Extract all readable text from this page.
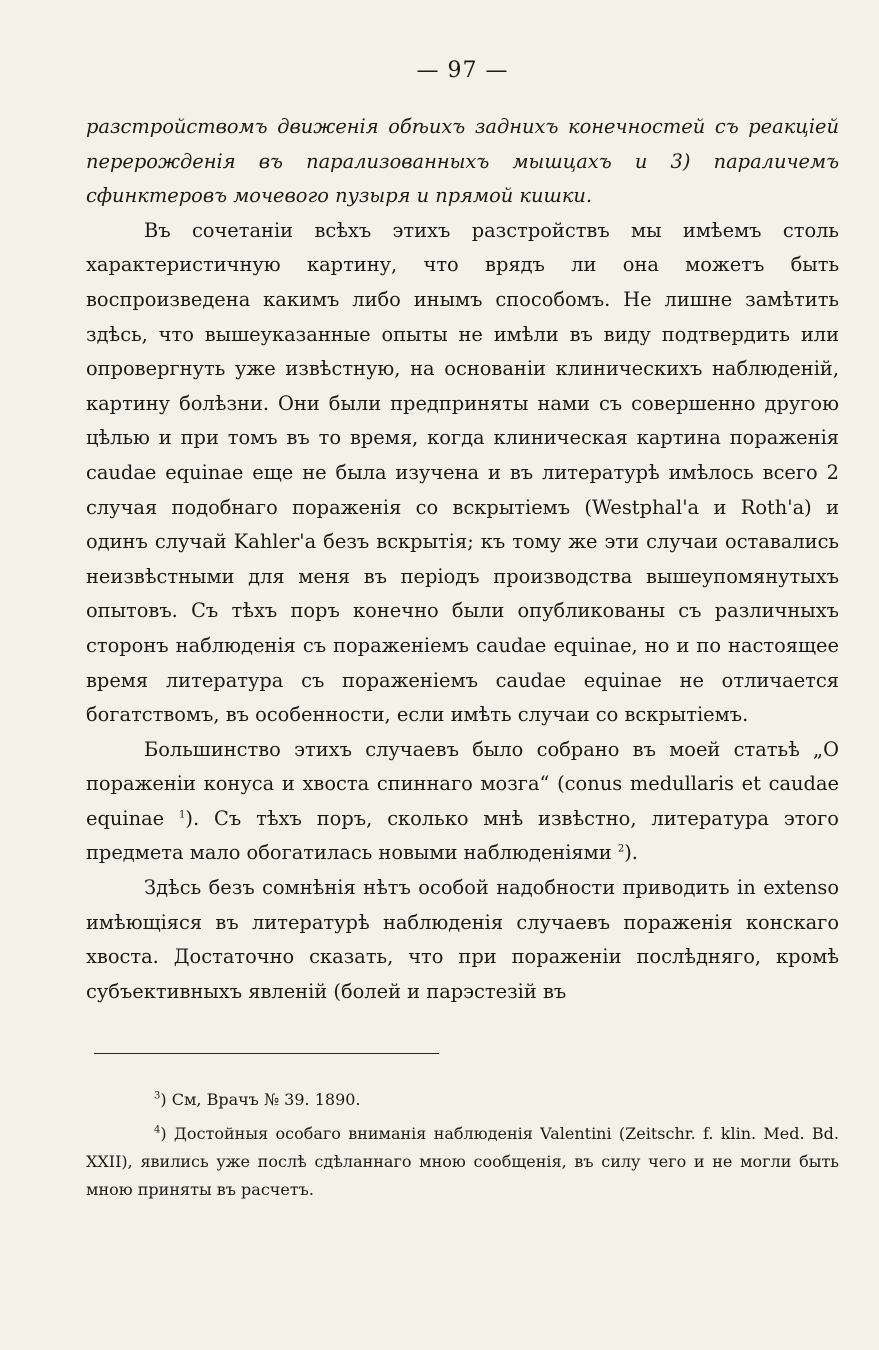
— 97 —

разстройствомъ движенія обѣихъ заднихъ конечностей съ реакціей перерожденія въ парализованныхъ мышцахъ и 3) параличемъ сфинктеровъ мочевого пузыря и прямой кишки.

Въ сочетаніи всѣхъ этихъ разстройствъ мы имѣемъ столь характеристичную картину, что врядъ ли она можетъ быть воспроизведена какимъ либо инымъ способомъ. Не лишне замѣтить здѣсь, что вышеуказанные опыты не имѣли въ виду подтвердить или опровергнуть уже извѣстную, на основаніи клиническихъ наблюденій, картину болѣзни. Они были предприняты нами съ совершенно другою цѣлью и при томъ въ то время, когда клиническая картина пораженія caudae equinae еще не была изучена и въ литературѣ имѣлось всего 2 случая подобнаго пораженія со вскрытіемъ (Westphal'a и Roth'a) и одинъ случай Kahler'a безъ вскрытія; къ тому же эти случаи оставались неизвѣстными для меня въ періодъ производства вышеупомянутыхъ опытовъ. Съ тѣхъ поръ конечно были опубликованы съ различныхъ сторонъ наблюденія съ пораженіемъ caudae equinae, но и по настоящее время литература съ пораженіемъ caudae equinae не отличается богатствомъ, въ особенности, если имѣть случаи со вскрытіемъ.

Большинство этихъ случаевъ было собрано въ моей статьѣ „О пораженіи конуса и хвоста спиннаго мозга“ (conus medullaris et caudae equinae $^1$). Съ тѣхъ поръ, сколько мнѣ извѣстно, литература этого предмета мало обогатилась новыми наблюденіями $^2$).

Здѣсь безъ сомнѣнія нѣтъ особой надобности приводить in extenso имѣющіяся въ литературѣ наблюденія случаевъ пораженія конскаго хвоста. Достаточно сказать, что при пораженіи послѣдняго, кромѣ субъективныхъ явленій (болей и парэстезій въ

$^3$) См, Врачъ № 39. 1890.

$^4$) Достойныя особаго вниманія наблюденія Valentini (Zeitschr. f. klin. Med. Bd. XXII), явились уже послѣ сдѣланнаго мною сообщенія, въ силу чего и не могли быть мною приняты въ расчетъ.
